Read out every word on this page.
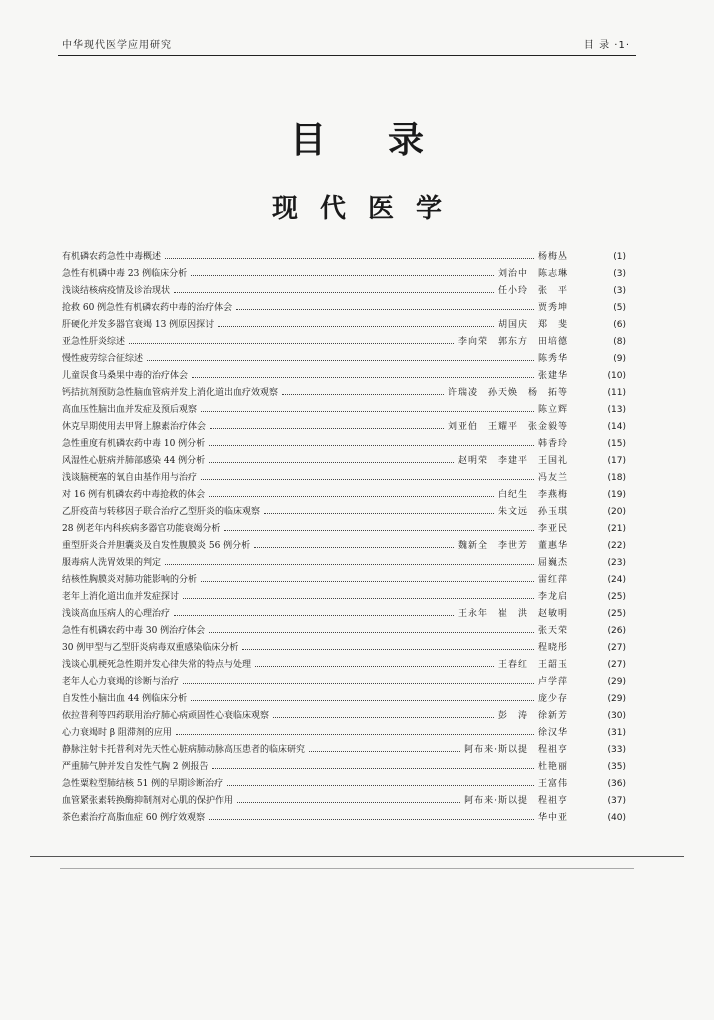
中华现代医学应用研究	目 录 ·1·
目录
现代医学
有机磷农药急性中毒概述	杨梅丛	(1)
急性有机磷中毒 23 例临床分析	刘治中　陈志琳	(3)
浅谈结核病疫情及诊治现状	任小玲　张　平	(3)
抢救 60 例急性有机磷农药中毒的治疗体会	贾秀坤	(5)
肝硬化并发多器官衰竭 13 例原因探讨	胡国庆　郑　斐	(6)
亚急性肝炎综述	李向荣　郭东方　田培德	(8)
慢性疲劳综合征综述	陈秀华	(9)
儿童误食马桑果中毒的治疗体会	张建华	(10)
钙拮抗剂预防急性脑血管病并发上消化道出血疗效观察	许瑞凌　孙天焕　杨　拓等	(11)
高血压性脑出血并发症及预后观察	陈立辉	(13)
休克早期使用去甲肾上腺素治疗体会	刘亚伯　王耀平　张金毅等	(14)
急性重度有机磷农药中毒 10 例分析	韩香玲	(15)
风湿性心脏病并肺部感染 44 例分析	赵明荣　李建平　王国礼	(17)
浅谈脑梗塞的氧自由基作用与治疗	冯友兰	(18)
对 16 例有机磷农药中毒抢救的体会	白纪生　李燕梅	(19)
乙肝疫苗与转移因子联合治疗乙型肝炎的临床观察	朱文远　孙玉琪	(20)
28 例老年内科疾病多器官功能衰竭分析	李亚民	(21)
重型肝炎合并胆囊炎及自发性腹膜炎 56 例分析	魏新全　李世芳　董惠华	(22)
服毒病人洗胃效果的判定	屈巍杰	(23)
结核性胸膜炎对肺功能影响的分析	雷红萍	(24)
老年上消化道出血并发症探讨	李龙启	(25)
浅谈高血压病人的心理治疗	王永年　崔　洪　赵敏明	(25)
急性有机磷农药中毒 30 例治疗体会	张天荣	(26)
30 例甲型与乙型肝炎病毒双重感染临床分析	程晓彤	(27)
浅谈心肌梗死急性期并发心律失常的特点与处理	王春红　王韶玉	(27)
老年人心力衰竭的诊断与治疗	卢学萍	(29)
自发性小脑出血 44 例临床分析	庞少存	(29)
依拉普利等四药联用治疗肺心病顽固性心衰临床观察	彭　涛　徐新芳	(30)
心力衰竭时 β 阻滞剂的应用	徐汉华	(31)
静脉注射卡托普利对先天性心脏病肺动脉高压患者的临床研究	阿布来·斯以提　程祖亨	(33)
严重肺气肿并发自发性气胸 2 例报告	杜艳丽	(35)
急性粟粒型肺结核 51 例的早期诊断治疗	王富伟	(36)
血管紧张素转换酶抑制剂对心肌的保护作用	阿布来·斯以提　程祖亨	(37)
茶色素治疗高脂血症 60 例疗效观察	华中亚	(40)
